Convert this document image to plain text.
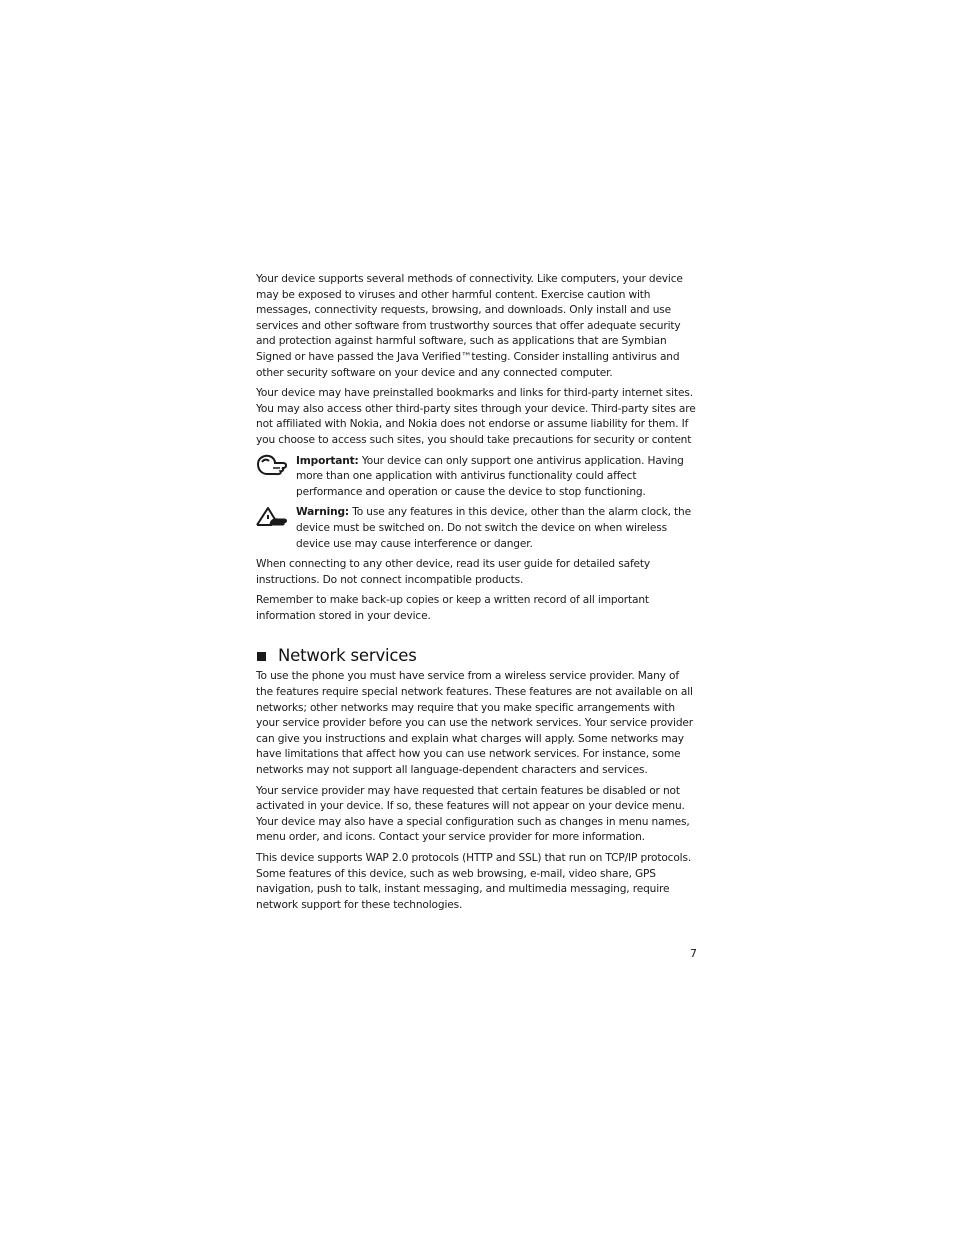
Your device supports several methods of connectivity. Like computers, your device may be exposed to viruses and other harmful content. Exercise caution with messages, connectivity requests, browsing, and downloads. Only install and use services and other software from trustworthy sources that offer adequate security and protection against harmful software, such as applications that are Symbian Signed or have passed the Java Verified™testing. Consider installing antivirus and other security software on your device and any connected computer.

Your device may have preinstalled bookmarks and links for third-party internet sites. You may also access other third-party sites through your device. Third-party sites are not affiliated with Nokia, and Nokia does not endorse or assume liability for them. If you choose to access such sites, you should take precautions for security or content

Important: Your device can only support one antivirus application. Having more than one application with antivirus functionality could affect performance and operation or cause the device to stop functioning.

Warning: To use any features in this device, other than the alarm clock, the device must be switched on. Do not switch the device on when wireless device use may cause interference or danger.

When connecting to any other device, read its user guide for detailed safety instructions. Do not connect incompatible products.

Remember to make back-up copies or keep a written record of all important information stored in your device.

Network services

To use the phone you must have service from a wireless service provider. Many of the features require special network features. These features are not available on all networks; other networks may require that you make specific arrangements with your service provider before you can use the network services. Your service provider can give you instructions and explain what charges will apply. Some networks may have limitations that affect how you can use network services. For instance, some networks may not support all language-dependent characters and services.

Your service provider may have requested that certain features be disabled or not activated in your device. If so, these features will not appear on your device menu. Your device may also have a special configuration such as changes in menu names, menu order, and icons. Contact your service provider for more information.

This device supports WAP 2.0 protocols (HTTP and SSL) that run on TCP/IP protocols. Some features of this device, such as web browsing, e-mail, video share, GPS navigation, push to talk, instant messaging, and multimedia messaging, require network support for these technologies.

7
